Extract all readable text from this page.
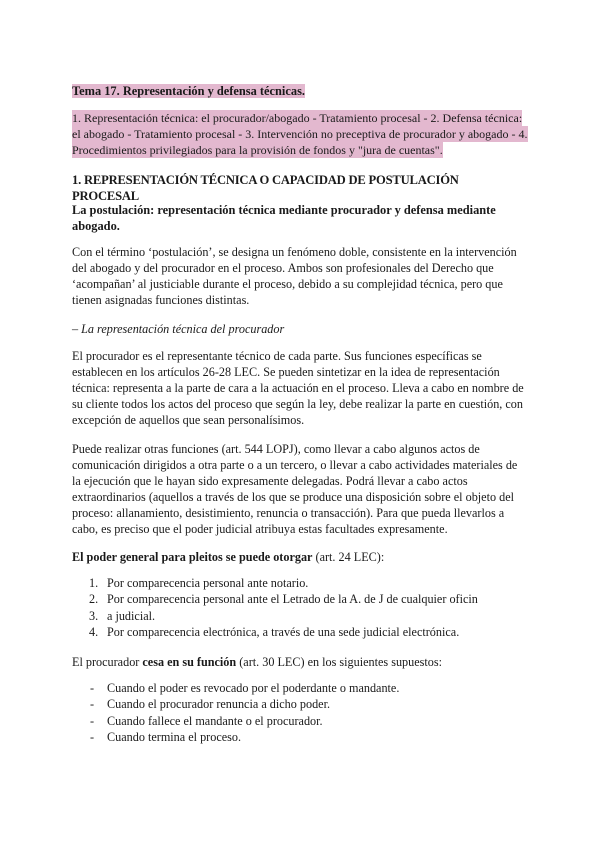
Tema 17. Representación y defensa técnicas.

1. Representación técnica: el procurador/abogado - Tratamiento procesal - 2. Defensa técnica: el abogado - Tratamiento procesal - 3. Intervención no preceptiva de procurador y abogado - 4. Procedimientos privilegiados para la provisión de fondos y "jura de cuentas".

1. REPRESENTACIÓN TÉCNICA O CAPACIDAD DE POSTULACIÓN PROCESAL

La postulación: representación técnica mediante procurador y defensa mediante abogado.

Con el término ‘postulación’, se designa un fenómeno doble, consistente en la intervención del abogado y del procurador en el proceso. Ambos son profesionales del Derecho que ‘acompañan’ al justiciable durante el proceso, debido a su complejidad técnica, pero que tienen asignadas funciones distintas.

– La representación técnica del procurador

El procurador es el representante técnico de cada parte. Sus funciones específicas se establecen en los artículos 26-28 LEC. Se pueden sintetizar en la idea de representación técnica: representa a la parte de cara a la actuación en el proceso. Lleva a cabo en nombre de su cliente todos los actos del proceso que según la ley, debe realizar la parte en cuestión, con excepción de aquellos que sean personalísimos.

Puede realizar otras funciones (art. 544 LOPJ), como llevar a cabo algunos actos de comunicación dirigidos a otra parte o a un tercero, o llevar a cabo actividades materiales de la ejecución que le hayan sido expresamente delegadas. Podrá llevar a cabo actos extraordinarios (aquellos a través de los que se produce una disposición sobre el objeto del proceso: allanamiento, desistimiento, renuncia o transacción). Para que pueda llevarlos a cabo, es preciso que el poder judicial atribuya estas facultades expresamente.

El poder general para pleitos se puede otorgar (art. 24 LEC):

1. Por comparecencia personal ante notario.
2. Por comparecencia personal ante el Letrado de la A. de J de cualquier oficin
3. a judicial.
4. Por comparecencia electrónica, a través de una sede judicial electrónica.

El procurador cesa en su función (art. 30 LEC) en los siguientes supuestos:

- Cuando el poder es revocado por el poderdante o mandante.
- Cuando el procurador renuncia a dicho poder.
- Cuando fallece el mandante o el procurador.
- Cuando termina el proceso.
